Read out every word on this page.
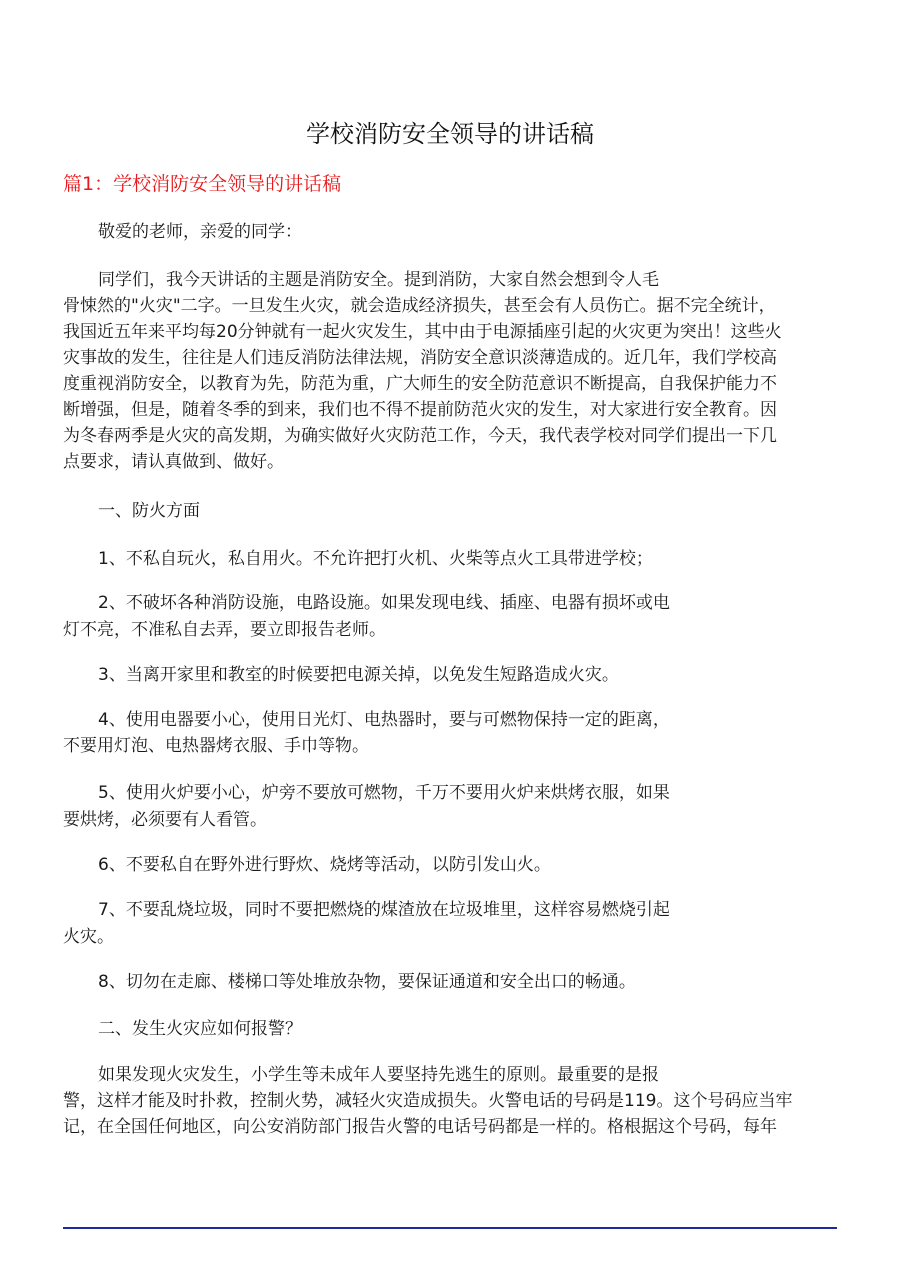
学校消防安全领导的讲话稿
篇1：学校消防安全领导的讲话稿
敬爱的老师，亲爱的同学：
同学们，我今天讲话的主题是消防安全。提到消防，大家自然会想到令人毛
骨悚然的"火灾"二字。一旦发生火灾，就会造成经济损失，甚至会有人员伤亡。据不完全统计，
我国近五年来平均每20分钟就有一起火灾发生，其中由于电源插座引起的火灾更为突出！这些火
灾事故的发生，往往是人们违反消防法律法规，消防安全意识淡薄造成的。近几年，我们学校高
度重视消防安全，以教育为先，防范为重，广大师生的安全防范意识不断提高，自我保护能力不
断增强，但是，随着冬季的到来，我们也不得不提前防范火灾的发生，对大家进行安全教育。因
为冬春两季是火灾的高发期，为确实做好火灾防范工作，今天，我代表学校对同学们提出一下几
点要求，请认真做到、做好。
一、防火方面
1、不私自玩火，私自用火。不允许把打火机、火柴等点火工具带进学校；
2、不破坏各种消防设施，电路设施。如果发现电线、插座、电器有损坏或电
灯不亮，不准私自去弄，要立即报告老师。
3、当离开家里和教室的时候要把电源关掉，以免发生短路造成火灾。
4、使用电器要小心，使用日光灯、电热器时，要与可燃物保持一定的距离，
不要用灯泡、电热器烤衣服、手巾等物。
5、使用火炉要小心，炉旁不要放可燃物，千万不要用火炉来烘烤衣服，如果
要烘烤，必须要有人看管。
6、不要私自在野外进行野炊、烧烤等活动，以防引发山火。
7、不要乱烧垃圾，同时不要把燃烧的煤渣放在垃圾堆里，这样容易燃烧引起
火灾。
8、切勿在走廊、楼梯口等处堆放杂物，要保证通道和安全出口的畅通。
二、发生火灾应如何报警？
如果发现火灾发生，小学生等未成年人要坚持先逃生的原则。最重要的是报
警，这样才能及时扑救，控制火势，减轻火灾造成损失。火警电话的号码是119。这个号码应当牢
记，在全国任何地区，向公安消防部门报告火警的电话号码都是一样的。格根据这个号码，每年
